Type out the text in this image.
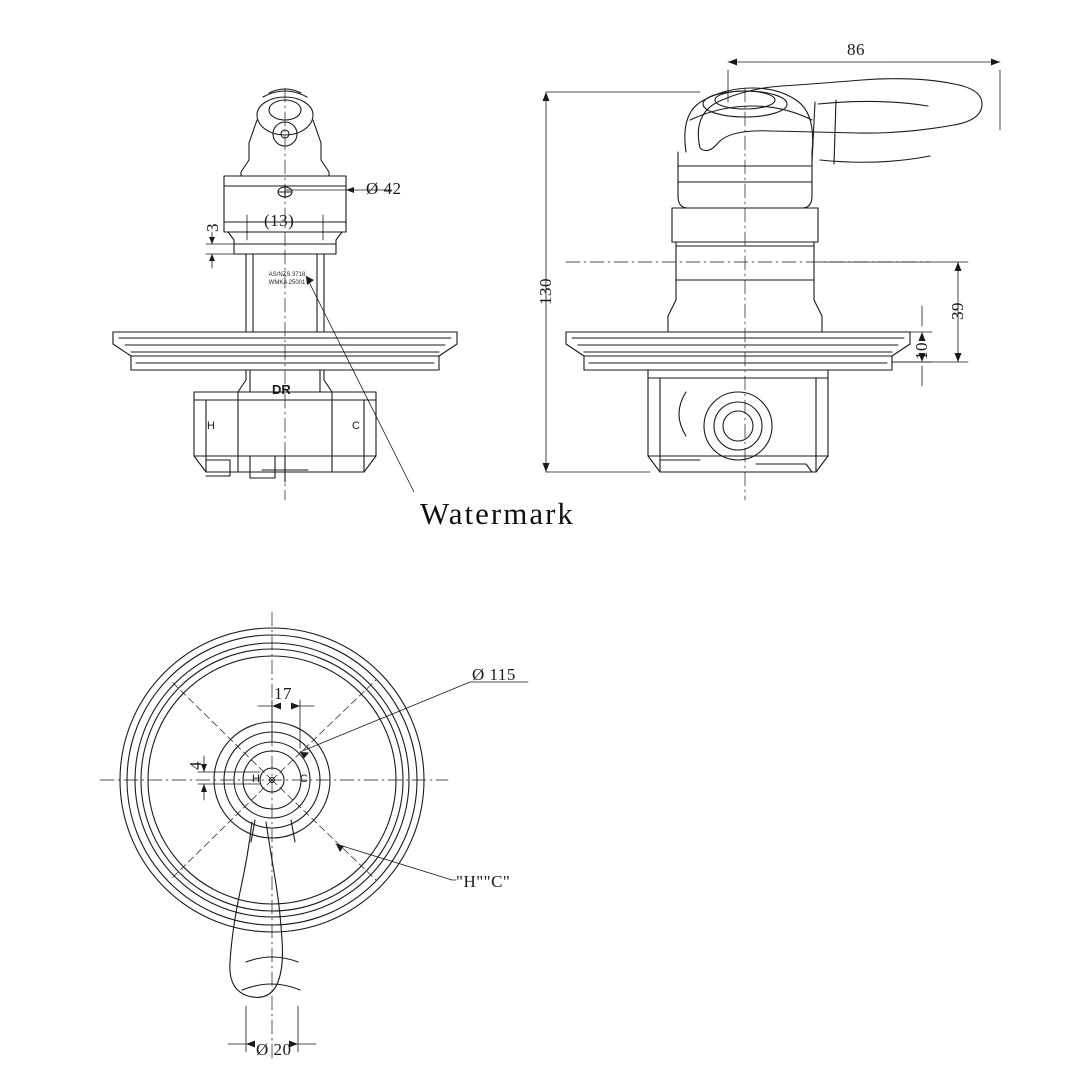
Ø 42
3 (13)
AS/NZS 3718
WMKA 25001
DR
H	C
86
130
39
10
Watermark
Ø 115
17
4
H	C
"H""C"
Ø 20
